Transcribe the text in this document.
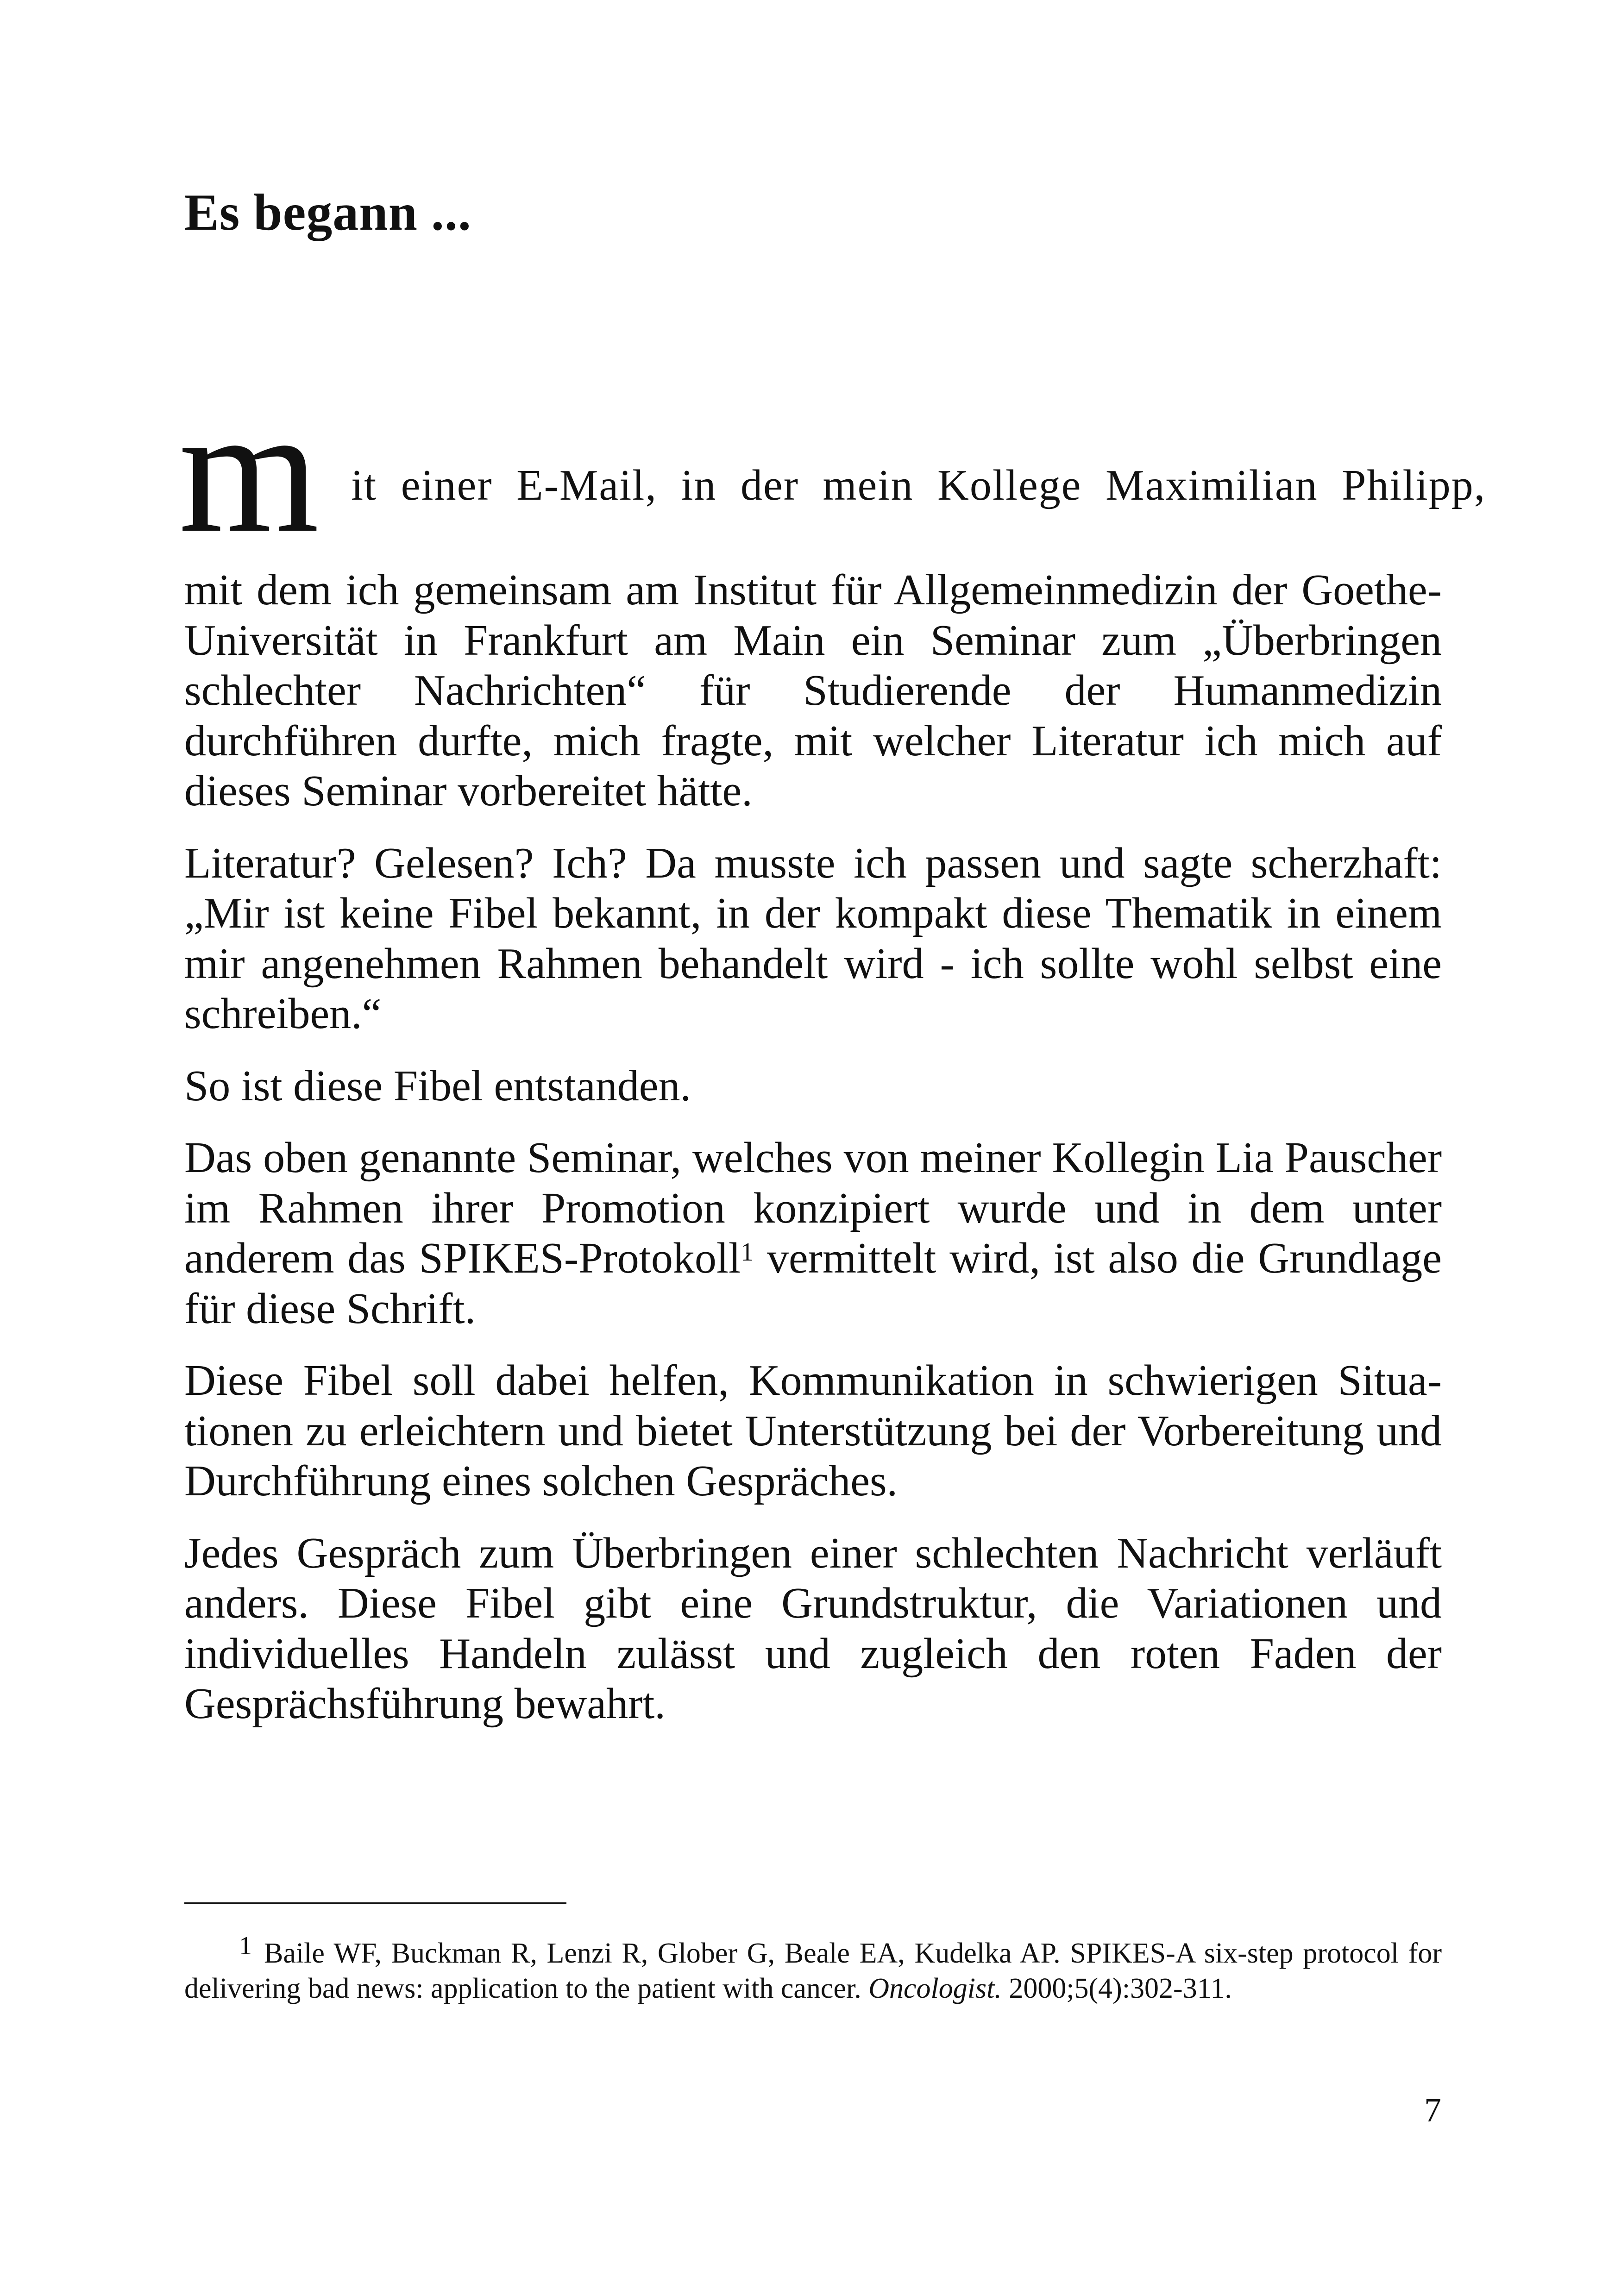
Es begann ...
m it einer E-Mail, in der mein Kollege Maximilian Philipp,

mit dem ich gemeinsam am Institut für Allgemeinmedizin der Goethe-Universität in Frankfurt am Main ein Seminar zum „Überbringen schlechter Nachrichten“ für Studierende der Humanmedizin durchführen durfte, mich fragte, mit welcher Literatur ich mich auf dieses Seminar vorbereitet hätte.

Literatur? Gelesen? Ich? Da musste ich passen und sagte scherzhaft: „Mir ist keine Fibel bekannt, in der kompakt diese Thematik in einem mir angenehmen Rahmen behandelt wird - ich sollte wohl selbst eine schreiben.“

So ist diese Fibel entstanden.

Das oben genannte Seminar, welches von meiner Kollegin Lia Pauscher im Rahmen ihrer Promotion konzipiert wurde und in dem unter anderem das SPIKES-Protokoll$^1$ vermittelt wird, ist also die Grundlage für diese Schrift.

Diese Fibel soll dabei helfen, Kommunikation in schwierigen Situationen zu erleichtern und bietet Unterstützung bei der Vorbereitung und Durchführung eines solchen Gespräches.

Jedes Gespräch zum Überbringen einer schlechten Nachricht verläuft anders. Diese Fibel gibt eine Grundstruktur, die Variationen und individuelles Handeln zulässt und zugleich den roten Faden der Gesprächsführung bewahrt.

1 Baile WF, Buckman R, Lenzi R, Glober G, Beale EA, Kudelka AP. SPIKES-A six-step protocol for delivering bad news: application to the patient with cancer. Oncologist. 2000;5(4):302-311.

7
